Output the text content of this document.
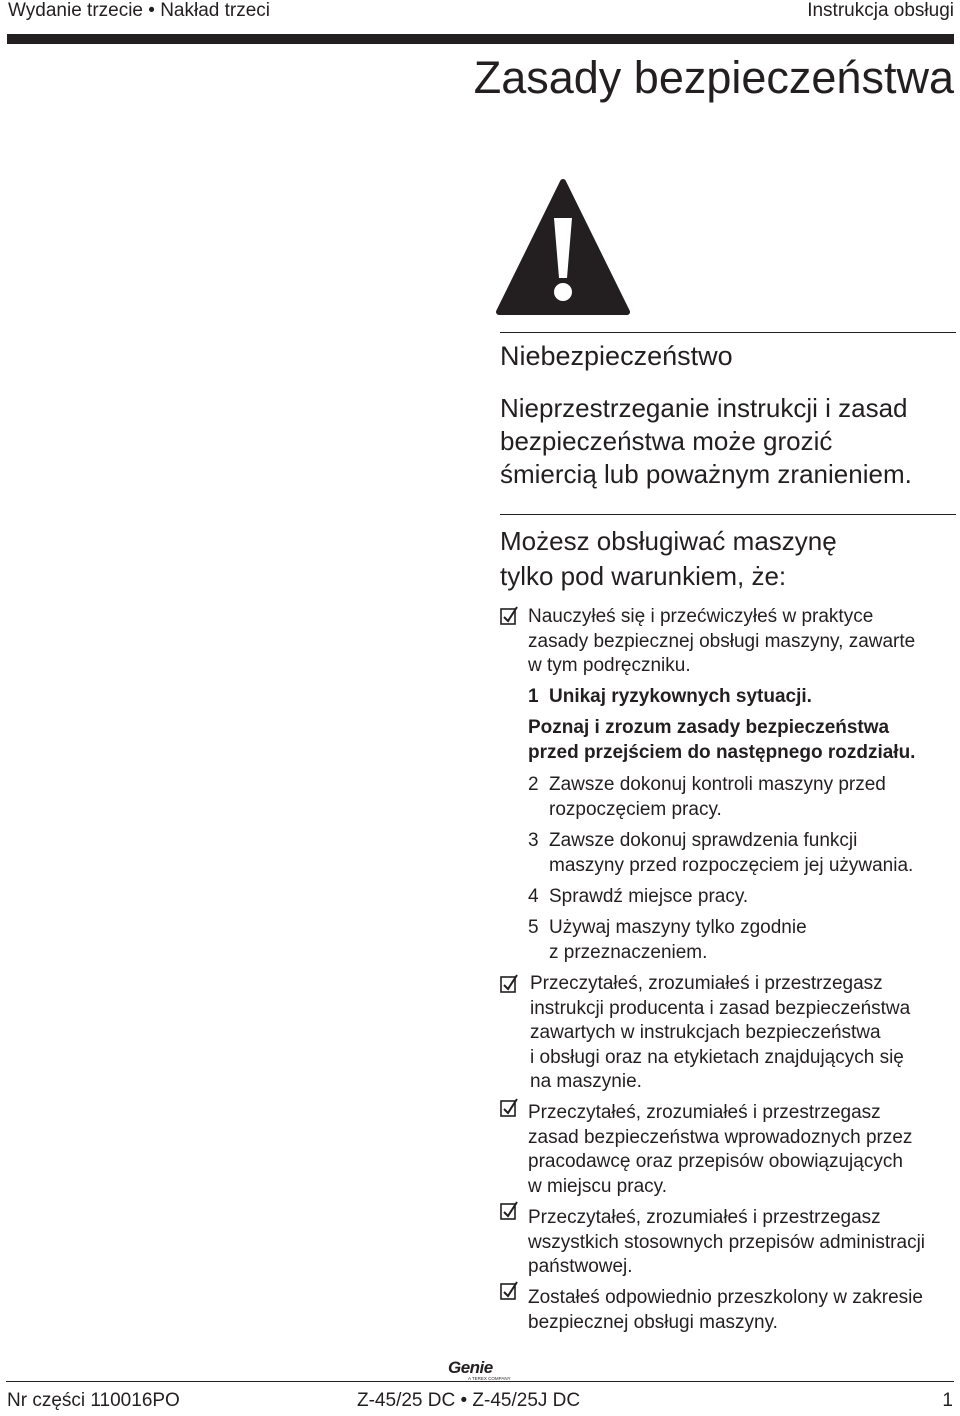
Wydanie trzecie • Nakład trzeci	Instrukcja obsługi
Zasady bezpieczeństwa
Niebezpieczeństwo
Nieprzestrzeganie instrukcji i zasad
bezpieczeństwa może grozić
śmiercią lub poważnym zranieniem.
Możesz obsługiwać maszynę
tylko pod warunkiem, że:
Nauczyłeś się i przećwiczyłeś w praktyce
zasady bezpiecznej obsługi maszyny, zawarte
w tym podręczniku.
1 Unikaj ryzykownych sytuacji.
Poznaj i zrozum zasady bezpieczeństwa
przed przejściem do następnego rozdziału.
2 Zawsze dokonuj kontroli maszyny przed
rozpoczęciem pracy.
3 Zawsze dokonuj sprawdzenia funkcji
maszyny przed rozpoczęciem jej używania.
4 Sprawdź miejsce pracy.
5 Używaj maszyny tylko zgodnie
z przeznaczeniem.
Przeczytałeś, zrozumiałeś i przestrzegasz
instrukcji producenta i zasad bezpieczeństwa
zawartych w instrukcjach bezpieczeństwa
i obsługi oraz na etykietach znajdujących się
na maszynie.
Przeczytałeś, zrozumiałeś i przestrzegasz
zasad bezpieczeństwa wprowadoznych przez
pracodawcę oraz przepisów obowiązujących
w miejscu pracy.
Przeczytałeś, zrozumiałeś i przestrzegasz
wszystkich stosownych przepisów administracji
państwowej.
Zostałeś odpowiednio przeszkolony w zakresie
bezpiecznej obsługi maszyny.
Genie
A TEREX COMPANY
Nr części 110016PO	Z-45/25 DC • Z-45/25J DC	1
